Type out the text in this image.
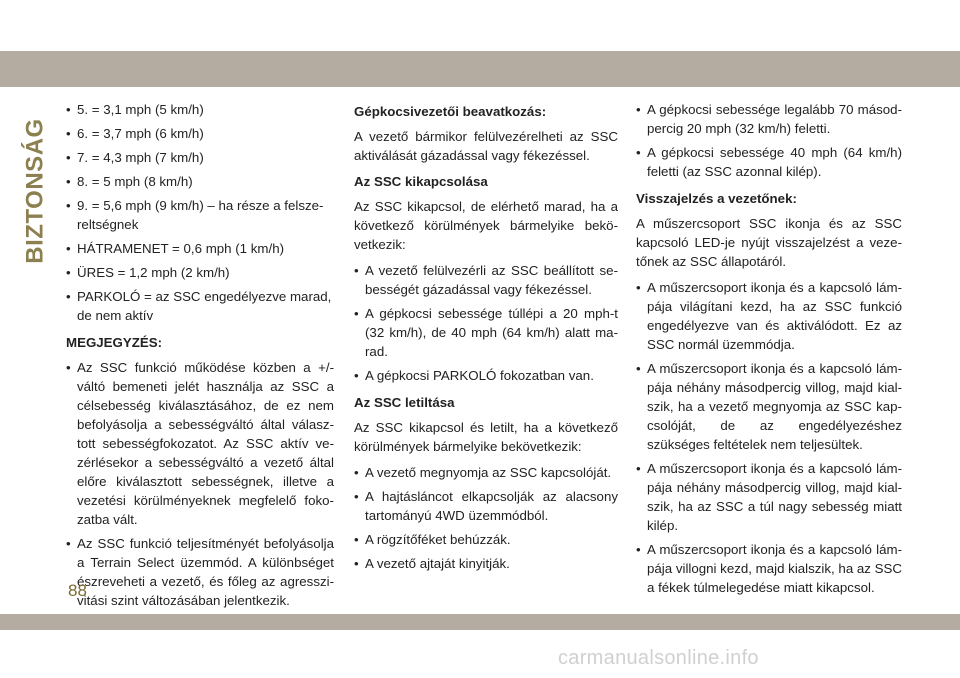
BIZTONSÁG
• 5. = 3,1 mph (5 km/h)
• 6. = 3,7 mph (6 km/h)
• 7. = 4,3 mph (7 km/h)
• 8. = 5 mph (8 km/h)
• 9. = 5,6 mph (9 km/h) – ha része a felsze-reltségnek
• HÁTRAMENET = 0,6 mph (1 km/h)
• ÜRES = 1,2 mph (2 km/h)
• PARKOLÓ = az SSC engedélyezve marad, de nem aktív
MEGJEGYZÉS:
• Az SSC funkció működése közben a +/- váltó bemeneti jelét használja az SSC a célsebesség kiválasztásához, de ez nem befolyásolja a sebességváltó által válasz-tott sebességfokozatot. Az SSC aktív ve-zérlésekor a sebességváltó a vezető által előre kiválasztott sebességnek, illetve a vezetési körülményeknek megfelelő foko-zatba vált.
• Az SSC funkció teljesítményét befolyásolja a Terrain Select üzemmód. A különbséget észreveheti a vezető, és főleg az agresszi-vitási szint változásában jelentkezik.
Gépkocsivezetői beavatkozás:
A vezető bármikor felülvezérelheti az SSC aktiválását gázadással vagy fékezéssel.
Az SSC kikapcsolása
Az SSC kikapcsol, de elérhető marad, ha a következő körülmények bármelyike bekö-vetkezik:
• A vezető felülvezérli az SSC beállított se-bességét gázadással vagy fékezéssel.
• A gépkocsi sebessége túllépi a 20 mph-t (32 km/h), de 40 mph (64 km/h) alatt ma-rad.
• A gépkocsi PARKOLÓ fokozatban van.
Az SSC letiltása
Az SSC kikapcsol és letilt, ha a következő körülmények bármelyike bekövetkezik:
• A vezető megnyomja az SSC kapcsolóját.
• A hajtásláncot elkapcsolják az alacsony tartományú 4WD üzemmódból.
• A rögzítőféket behúzzák.
• A vezető ajtaját kinyitják.
• A gépkocsi sebessége legalább 70 másod-percig 20 mph (32 km/h) feletti.
• A gépkocsi sebessége 40 mph (64 km/h) feletti (az SSC azonnal kilép).
Visszajelzés a vezetőnek:
A műszercsoport SSC ikonja és az SSC kapcsoló LED-je nyújt visszajelzést a veze-tőnek az SSC állapotáról.
• A műszercsoport ikonja és a kapcsoló lám-pája világítani kezd, ha az SSC funkció engedélyezve van és aktiválódott. Ez az SSC normál üzemmódja.
• A műszercsoport ikonja és a kapcsoló lám-pája néhány másodpercig villog, majd kial-szik, ha a vezető megnyomja az SSC kap-csolóját, de az engedélyezéshez szükséges feltételek nem teljesültek.
• A műszercsoport ikonja és a kapcsoló lám-pája néhány másodpercig villog, majd kial-szik, ha az SSC a túl nagy sebesség miatt kilép.
• A műszercsoport ikonja és a kapcsoló lám-pája villogni kezd, majd kialszik, ha az SSC a fékek túlmelegedése miatt kikapcsol.
88
carmanualsonline.info
